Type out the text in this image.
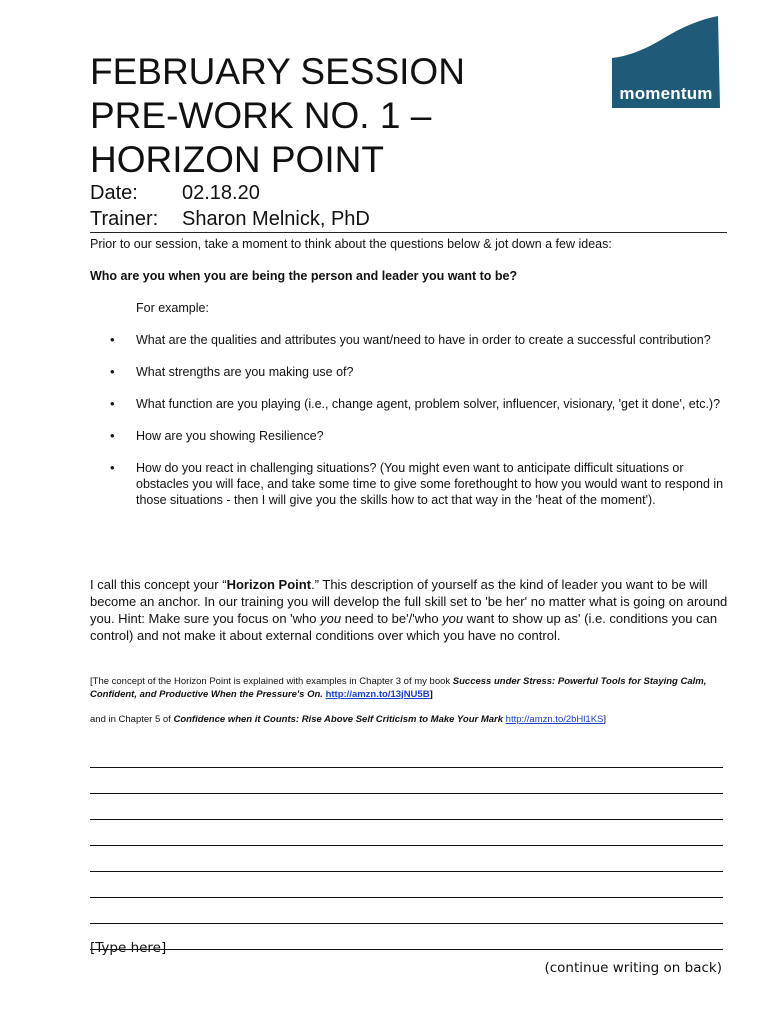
FEBRUARY SESSION
PRE-WORK NO. 1 –
HORIZON POINT
momentum
Date: 02.18.20
Trainer: Sharon Melnick, PhD
Prior to our session, take a moment to think about the questions below & jot down a few ideas:
Who are you when you are being the person and leader you want to be?
For example:
• What are the qualities and attributes you want/need to have in order to create a successful contribution?
• What strengths are you making use of?
• What function are you playing (i.e., change agent, problem solver, influencer, visionary, 'get it done', etc.)?
• How are you showing Resilience?
• How do you react in challenging situations? (You might even want to anticipate difficult situations or obstacles you will face, and take some time to give some forethought to how you would want to respond in those situations - then I will give you the skills how to act that way in the 'heat of the moment').
I call this concept your “Horizon Point.” This description of yourself as the kind of leader you want to be will become an anchor. In our training you will develop the full skill set to 'be her' no matter what is going on around you. Hint: Make sure you focus on 'who you need to be'/'who you want to show up as' (i.e. conditions you can control) and not make it about external conditions over which you have no control.
[The concept of the Horizon Point is explained with examples in Chapter 3 of my book Success under Stress: Powerful Tools for Staying Calm, Confident, and Productive When the Pressure's On. http://amzn.to/13jNU5B]
and in Chapter 5 of Confidence when it Counts: Rise Above Self Criticism to Make Your Mark http://amzn.to/2bHl1KS]
[Type here]
(continue writing on back)
